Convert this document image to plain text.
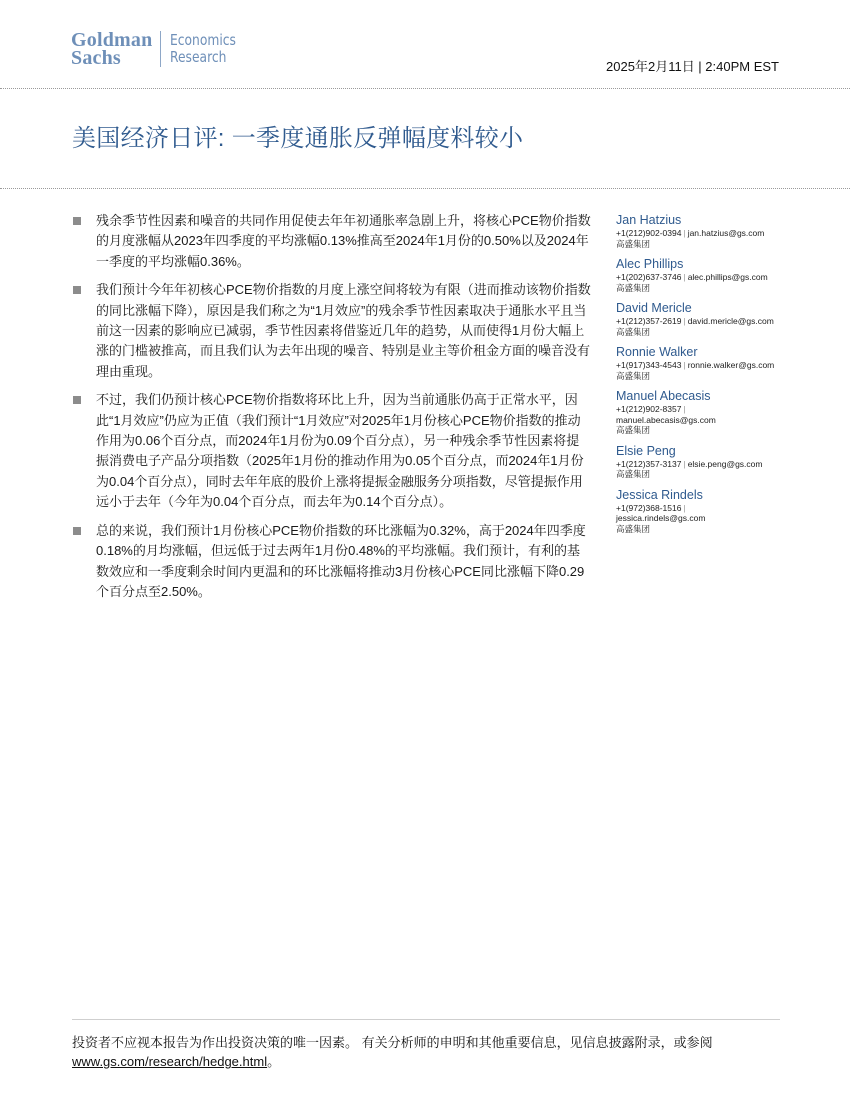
Goldman
Sachs
Economics
Research
2025年2月11日 | 2:40PM EST
美国经济日评: 一季度通胀反弹幅度料较小
残余季节性因素和噪音的共同作用促使去年年初通胀率急剧上升，将核心PCE物价指数的月度涨幅从2023年四季度的平均涨幅0.13%推高至2024年1月份的0.50%以及2024年一季度的平均涨幅0.36%。
我们预计今年年初核心PCE物价指数的月度上涨空间将较为有限（进而推动该物价指数的同比涨幅下降），原因是我们称之为“1月效应”的残余季节性因素取决于通胀水平且当前这一因素的影响应已减弱，季节性因素将借鉴近几年的趋势，从而使得1月份大幅上涨的门槛被推高，而且我们认为去年出现的噪音、特别是业主等价租金方面的噪音没有理由重现。
不过，我们仍预计核心PCE物价指数将环比上升，因为当前通胀仍高于正常水平，因此“1月效应”仍应为正值（我们预计“1月效应”对2025年1月份核心PCE物价指数的推动作用为0.06个百分点，而2024年1月份为0.09个百分点），另一种残余季节性因素将提振消费电子产品分项指数（2025年1月份的推动作用为0.05个百分点，而2024年1月份为0.04个百分点），同时去年年底的股价上涨将提振金融服务分项指数，尽管提振作用远小于去年（今年为0.04个百分点，而去年为0.14个百分点）。
总的来说，我们预计1月份核心PCE物价指数的环比涨幅为0.32%，高于2024年四季度0.18%的月均涨幅，但远低于过去两年1月份0.48%的平均涨幅。我们预计，有利的基数效应和一季度剩余时间内更温和的环比涨幅将推动3月份核心PCE同比涨幅下降0.29个百分点至2.50%。
Jan Hatzius
+1(212)902-0394 | jan.hatzius@gs.com
高盛集团
Alec Phillips
+1(202)637-3746 | alec.phillips@gs.com
高盛集团
David Mericle
+1(212)357-2619 | david.mericle@gs.com
高盛集团
Ronnie Walker
+1(917)343-4543 | ronnie.walker@gs.com
高盛集团
Manuel Abecasis
+1(212)902-8357 |
manuel.abecasis@gs.com
高盛集团
Elsie Peng
+1(212)357-3137 | elsie.peng@gs.com
高盛集团
Jessica Rindels
+1(972)368-1516 |
jessica.rindels@gs.com
高盛集团
投资者不应视本报告为作出投资决策的唯一因素。 有关分析师的申明和其他重要信息，见信息披露附录，或参阅
www.gs.com/research/hedge.html。
